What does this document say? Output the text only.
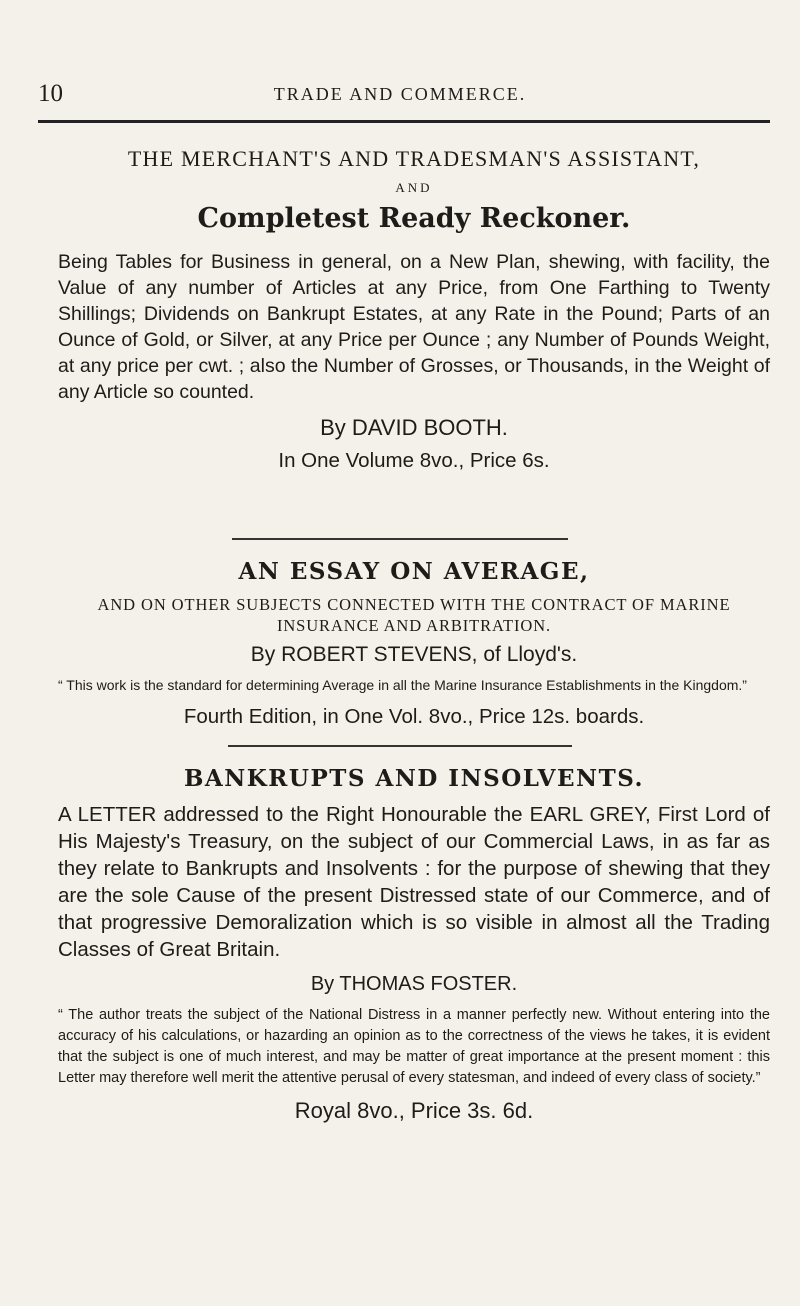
10	TRADE AND COMMERCE.
THE MERCHANT'S AND TRADESMAN'S ASSISTANT,
AND
Completest Ready Reckoner.
Being Tables for Business in general, on a New Plan, shewing, with facility, the Value of any number of Articles at any Price, from One Farthing to Twenty Shillings; Dividends on Bankrupt Estates, at any Rate in the Pound; Parts of an Ounce of Gold, or Silver, at any Price per Ounce ; any Number of Pounds Weight, at any price per cwt. ; also the Number of Grosses, or Thousands, in the Weight of any Article so counted.
By DAVID BOOTH.
In One Volume 8vo., Price 6s.
AN ESSAY ON AVERAGE,
AND ON OTHER SUBJECTS CONNECTED WITH THE CONTRACT OF MARINE INSURANCE AND ARBITRATION.
By ROBERT STEVENS, of Lloyd's.
“ This work is the standard for determining Average in all the Marine Insurance Establishments in the Kingdom.”
Fourth Edition, in One Vol. 8vo., Price 12s. boards.
BANKRUPTS AND INSOLVENTS.
A LETTER addressed to the Right Honourable the EARL GREY, First Lord of His Majesty's Treasury, on the subject of our Commercial Laws, in as far as they relate to Bankrupts and Insolvents : for the purpose of shewing that they are the sole Cause of the present Distressed state of our Commerce, and of that progressive Demoralization which is so visible in almost all the Trading Classes of Great Britain.
By THOMAS FOSTER.
“ The author treats the subject of the National Distress in a manner perfectly new. Without entering into the accuracy of his calculations, or hazarding an opinion as to the correctness of the views he takes, it is evident that the subject is one of much interest, and may be matter of great importance at the present moment : this Letter may therefore well merit the attentive perusal of every statesman, and indeed of every class of society.”
Royal 8vo., Price 3s. 6d.
